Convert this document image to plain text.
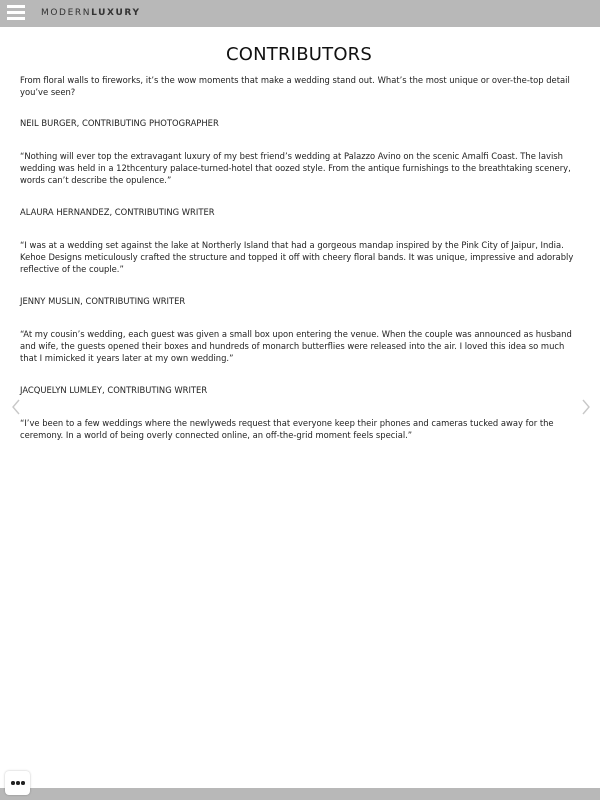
MODERNLUXURY
CONTRIBUTORS

From floral walls to fireworks, it’s the wow moments that make a wedding stand out. What’s the most unique or over-the-top detail you’ve seen?

NEIL BURGER, CONTRIBUTING PHOTOGRAPHER

“Nothing will ever top the extravagant luxury of my best friend’s wedding at Palazzo Avino on the scenic Amalfi Coast. The lavish wedding was held in a 12thcentury palace-turned-hotel that oozed style. From the antique furnishings to the breathtaking scenery, words can’t describe the opulence.”

ALAURA HERNANDEZ, CONTRIBUTING WRITER

“I was at a wedding set against the lake at Northerly Island that had a gorgeous mandap inspired by the Pink City of Jaipur, India. Kehoe Designs meticulously crafted the structure and topped it off with cheery floral bands. It was unique, impressive and adorably reflective of the couple.”

JENNY MUSLIN, CONTRIBUTING WRITER

“At my cousin’s wedding, each guest was given a small box upon entering the venue. When the couple was announced as husband and wife, the guests opened their boxes and hundreds of monarch butterflies were released into the air. I loved this idea so much that I mimicked it years later at my own wedding.”

JACQUELYN LUMLEY, CONTRIBUTING WRITER

“I’ve been to a few weddings where the newlyweds request that everyone keep their phones and cameras tucked away for the ceremony. In a world of being overly connected online, an off-the-grid moment feels special.”
